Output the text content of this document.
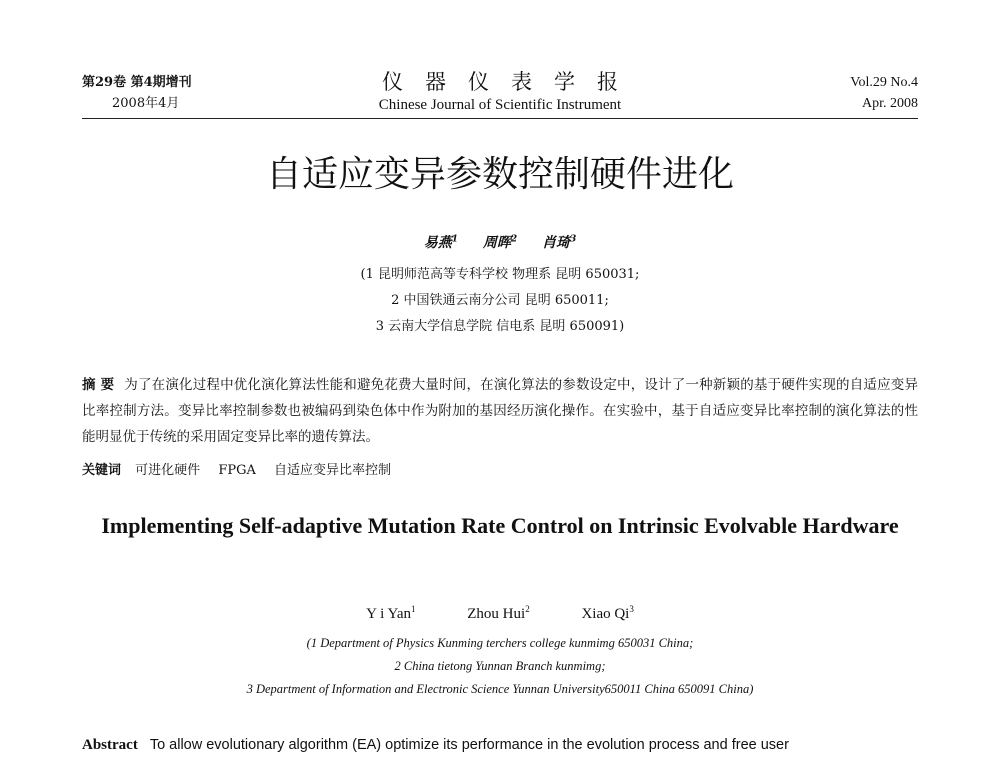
第29卷 第4期增刊
2008年4月
仪器仪表学报
Chinese Journal of Scientific Instrument
Vol.29 No.4
Apr. 2008
自适应变异参数控制硬件进化
易燕$^1$ 周晖$^2$ 肖琦$^3$
(1 昆明师范高等专科学校 物理系 昆明 650031;
2 中国铁通云南分公司 昆明 650011;
3 云南大学信息学院 信电系 昆明 650091)
摘 要 为了在演化过程中优化演化算法性能和避免花费大量时间，在演化算法的参数设定中，设计了一种新颖的基于硬件实现的自适应变异比率控制方法。变异比率控制参数也被编码到染色体中作为附加的基因经历演化操作。在实验中，基于自适应变异比率控制的演化算法的性能明显优于传统的采用固定变异比率的遗传算法。
关键词 可进化硬件 FPGA 自适应变异比率控制
Implementing Self-adaptive Mutation Rate Control on Intrinsic Evolvable Hardware
Y i Yan$^1$	Zhou Hui$^2$	Xiao Qi$^3$
(1 Department of Physics Kunming terchers college kunmimg 650031 China;
2 China tietong Yunnan Branch kunmimg;
3 Department of Information and Electronic Science Yunnan University650011 China 650091 China)
Abstract To allow evolutionary algorithm (EA) optimize its performance in the evolution process and free user
